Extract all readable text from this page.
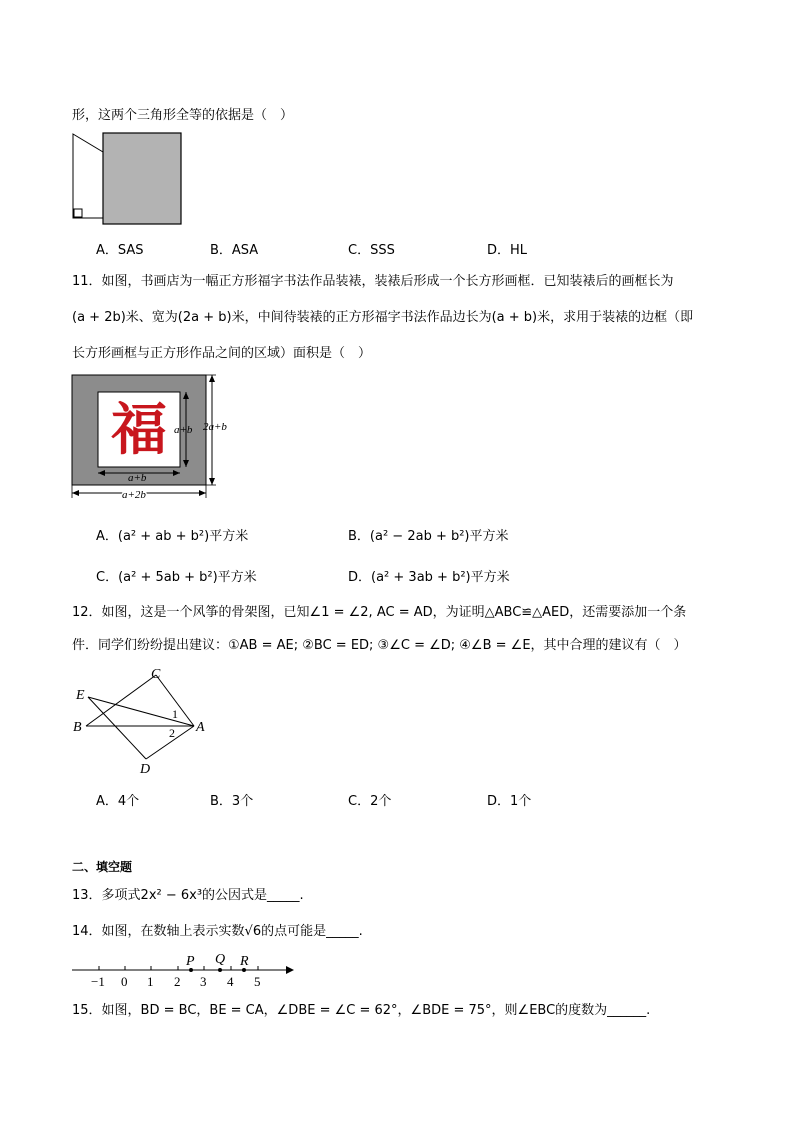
形，这两个三角形全等的依据是（　）
A．SAS	B．ASA	C．SSS	D．HL
11．如图，书画店为一幅正方形福字书法作品装裱，装裱后形成一个长方形画框．已知装裱后的画框长为
(a + 2b)米、宽为(2a + b)米，中间待装裱的正方形福字书法作品边长为(a + b)米，求用于装裱的边框（即
长方形画框与正方形作品之间的区域）面积是（　）
福 a+b
a+b
2a+b
a+2b
A．(a² + ab + b²)平方米	B．(a² − 2ab + b²)平方米
C．(a² + 5ab + b²)平方米	D．(a² + 3ab + b²)平方米
12．如图，这是一个风筝的骨架图，已知∠1 = ∠2, AC = AD，为证明△ABC≌△AED，还需要添加一个条
件．同学们纷纷提出建议：①AB = AE; ②BC = ED; ③∠C = ∠D; ④∠B = ∠E，其中合理的建议有（　）
E
C
B	A
D
1
2
A．4个	B．3个	C．2个	D．1个
二、填空题
13．多项式2x² − 6x³的公因式是_____.
14．如图，在数轴上表示实数√6的点可能是_____.
P Q R
−1 0 1 2 3 4 5
15．如图，BD = BC，BE = CA，∠DBE = ∠C = 62°，∠BDE = 75°，则∠EBC的度数为______.
